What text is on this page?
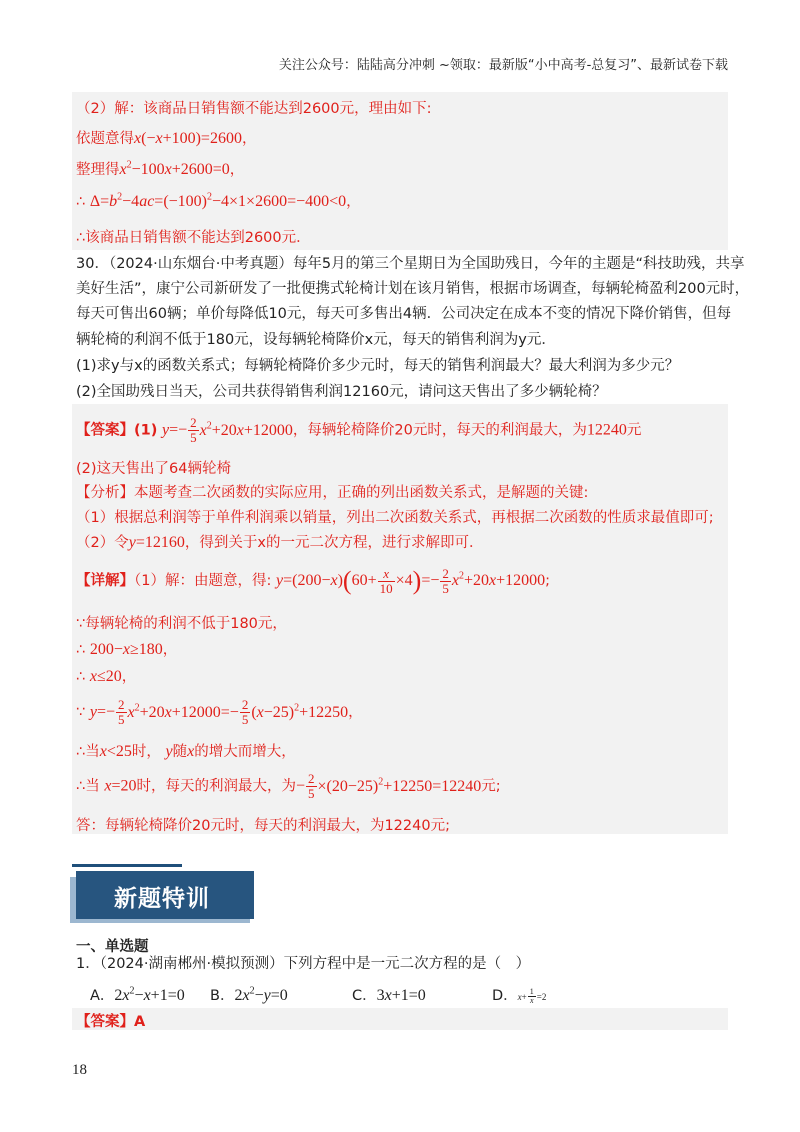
关注公众号：陆陆高分冲刺 ~领取：最新版“小中高考-总复习”、最新试卷下载
（2）解：该商品日销售额不能达到2600元，理由如下:
依题意得x(−x+100)=2600，
整理得$x^2-100x+2600=0$，
∴ $\Delta=b^2-4ac=(-100)^2-4\times 1\times 2600=-400<0$，
∴该商品日销售额不能达到2600元．
30．（2024·山东烟台·中考真题）每年5月的第三个星期日为全国助残日，今年的主题是“科技助残，共享
美好生活”，康宁公司新研发了一批便携式轮椅计划在该月销售，根据市场调查，每辆轮椅盈利200元时，
每天可售出60辆；单价每降低10元，每天可多售出4辆．公司决定在成本不变的情况下降价销售，但每
辆轮椅的利润不低于180元，设每辆轮椅降价x元，每天的销售利润为y元．
(1)求y与x的函数关系式；每辆轮椅降价多少元时，每天的销售利润最大？最大利润为多少元？
(2)全国助残日当天，公司共获得销售利润12160元，请问这天售出了多少辆轮椅？
【答案】(1) $y=- \frac{2}{5} x^2+20x+12000$，每辆轮椅降价20元时，每天的利润最大，为12240元
(2)这天售出了64辆轮椅
【分析】本题考查二次函数的实际应用，正确的列出函数关系式，是解题的关键:
（1）根据总利润等于单件利润乘以销量，列出二次函数关系式，再根据二次函数的性质求最值即可;
（2）令y=12160，得到关于x的一元二次方程，进行求解即可．
【详解】（1）解：由题意，得: $y=(200-x)(60+ \frac{x}{10} \times 4)=- \frac{2}{5} x^2+20x+12000$;
∵每辆轮椅的利润不低于180元，
∴ 200−x≥180，
∴ x≤20，
∵ $y=- \frac{2}{5} x^2+20x+12000=- \frac{2}{5} (x-25)^2+12250$，
∴当x<25时， y随x的增大而增大，
∴当 x=20时，每天的利润最大，为− $\frac{2}{5} \times(20-25)^2+12250=12240$元;
答：每辆轮椅降价20元时，每天的利润最大，为12240元;
新题特训
一、单选题
1．（2024·湖南郴州·模拟预测）下列方程中是一元二次方程的是（　）
A．$2x^2-x+1=0$ B．$2x^2-y=0$	C．3x+1=0	D．$x+ \frac{1}{x} =2$
【答案】A
18
